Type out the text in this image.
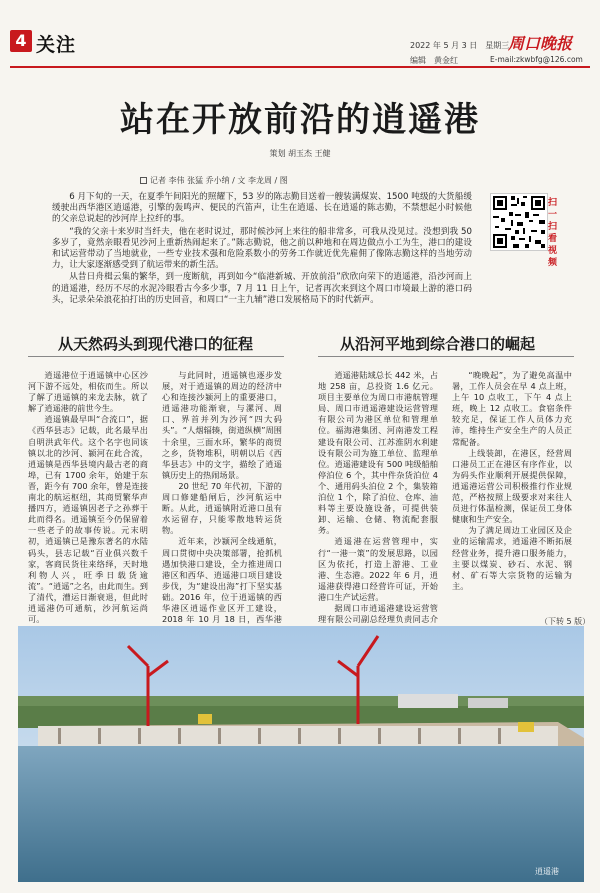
4 关注	2022 年 5 月 3 日　星期三
编辑　黄金红
周口晚报
E-mail:zkwbfg@126.com
站在开放前沿的逍遥港
策划 胡玉杰 王健
记者 李伟 张猛 乔小纳 / 文 李龙周 / 图

6 月下旬的一天，在夏季午间阳光的照耀下，53 岁的陈志勤目送着一艘装满煤炭、1500 吨级的大货船缓缓驶出西华港区逍遥港，引擎的轰鸣声、便民的汽笛声，让生在逍遥、长在逍遥的陈志勤，不禁想起小时候他的父亲总说起的沙河岸上拉纤的事。

“我的父亲十来岁时当纤夫，他在老时说过，那时候沙河上来往的船非常多，可我从没见过。没想到我 50 多岁了，竟然亲眼看见沙河上重新热闹起来了。”陈志勤说，他之前以种地和在周边做点小工为生，港口的建设和试运营带动了当地就业，一些专业技术强和危险系数小的劳务工作就近优先雇佣了像陈志勤这样的当地劳动力，让大家逐渐感受到了航运带来的新生活。

从昔日舟楫云集的繁华，到一度断航，再到如今“临港新城、开放前沿”欣欣向荣下的逍遥港，沿沙河而上的逍遥港，经历不尽的水泥冷眼看古今多少事，7 月 11 日上午，记者再次来到这个周口市境最上游的港口码头，记录朵朵浪花拍打出的历史回音，和周口“一主九辅”港口发展格局下的时代新声。

扫一扫看视频
从天然码头到现代港口的征程	从沿河平地到综合港口的崛起

逍遥港位于逍遥镇中心区沙河下游不远处，相依而生。所以了解了逍遥镇的来龙去脉，就了解了逍遥港的前世今生。

逍遥镇最早叫“合流口”，据《西华县志》记载，此名最早出自明洪武年代。这个名字也同该镇以北的沙河、颍河在此合流，逍遥镇是西华县境内最古老的商埠，已有 1700 余年，始建于东晋，距今有 700 余年，曾是连接南北的航运枢纽，其商贸繁华声播四方，逍遥镇因老子之孙葬于此而得名。逍遥镇至今仍保留着一些老子的故事传说。元末明初，逍遥镇已是豫东著名的水陆码头，县志记载“百业俱兴数千家，客商民货往来络绎，天时地利物人兴，旺季日载货逾流”。“逍遥”之名，由此而生。到了清代，漕运日渐衰退，但此时逍遥港仍可通航，沙河航运尚可。

与此同时，逍遥镇也逐步发展，对于逍遥镇的周边的经济中心和连接沙颍河上的重要港口，逍遥港功能渐衰，与漯河、周口、界首并列为沙河“四大码头”。“人烟辐辏，街道纵横”周围十余里，三面水环，繁华的商贸之乡，货物堆积，明朝以后《西华县志》中的文字，描绘了逍遥镇历史上的热闹场景。

20 世纪 70 年代初，下游的周口修建船闸后，沙河航运中断。从此，逍遥镇附近港口虽有水运留存，只能零散地转运货物。

近年来，沙颍河全线通航，周口贯彻中央决策部署，抢抓机遇加快港口建设，全力推进周口港区和西华、逍遥港口项目建设步伐，为“建设出海”打下坚实基础。2016 年，位于逍遥镇的西华港区逍遥作业区开工建设，2018 年 10 月 18 日，西华港

逍遥港陆域总长 442 米，占地 258 亩，总投资 1.6 亿元。项目主要单位为周口市港航管理局、周口市逍遥港建设运营管理有限公司为港区单位和管理单位。福海港集团、河南港发工程建设有限公司、江苏淮阴水利建设有限公司为施工单位、监理单位。逍遥港建设有 500 吨级船舶停泊位 6 个，其中件杂货泊位 4 个、通用码头泊位 2 个，集装箱泊位 1 个，除了泊位、仓库、油料等主要设施设备，可提供装卸、运输、仓储、物流配套服务。

逍遥港在运营管理中，实行“一港一策”的发展思路，以园区为依托，打造上游港、工业港、生态港。2022 年 6 月，逍遥港获得港口经营许可证，开始港口生产试运营。

据周口市逍遥港建设运营管理有限公司副总经理负责同志介

“晚晚起”，为了避免高温中暑，工作人员会在早 4 点上班，上午 10 点收工，下午 4 点上班，晚上 12 点收工。食宿条件较充足，保证工作人员体力充沛，维持生产安全生产的人员正常配备。

上线装卸，在港区，经营周口港员工正在港区有序作业，以为码头作业顺利开展提供保障，逍遥港运营公司积极推行作业规范，严格按照上级要求对来往人员进行体温检测，保证员工身体健康和生产安全。

为了满足周边工业园区及企业的运输需求，逍遥港不断拓展经营业务，提升港口服务能力，主要以煤炭、砂石、水泥、钢材、矿石等大宗货物的运输为主。

（下转 5 版）
逍遥港
